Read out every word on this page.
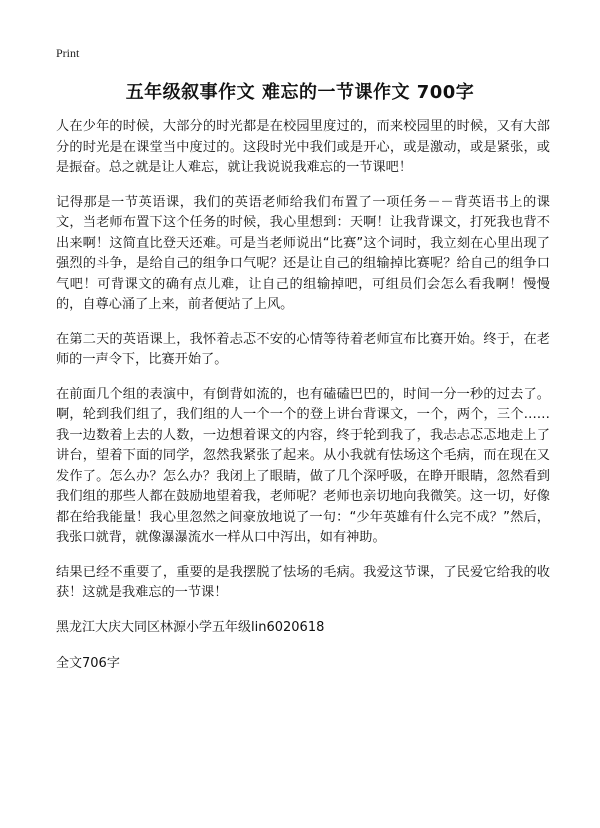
Print
五年级叙事作文 难忘的一节课作文 700字

人在少年的时候，大部分的时光都是在校园里度过的，而来校园里的时候，又有大部分的时光是在课堂当中度过的。这段时光中我们或是开心，或是激动，或是紧张，或是振奋。总之就是让人难忘，就让我说说我难忘的一节课吧！

记得那是一节英语课，我们的英语老师给我们布置了一项任务－－背英语书上的课文，当老师布置下这个任务的时候，我心里想到：天啊！让我背课文，打死我也背不出来啊！这简直比登天还难。可是当老师说出“比赛”这个词时，我立刻在心里出现了强烈的斗争，是给自己的组争口气呢？还是让自己的组输掉比赛呢？给自己的组争口气吧！可背课文的确有点儿难，让自己的组输掉吧，可组员们会怎么看我啊！慢慢的，自尊心涌了上来，前者便站了上风。

在第二天的英语课上，我怀着忐忑不安的心情等待着老师宣布比赛开始。终于，在老师的一声令下，比赛开始了。

在前面几个组的表演中，有倒背如流的，也有磕磕巴巴的，时间一分一秒的过去了。啊，轮到我们组了，我们组的人一个一个的登上讲台背课文，一个，两个，三个……我一边数着上去的人数，一边想着课文的内容，终于轮到我了，我忐忐忑忑地走上了讲台，望着下面的同学，忽然我紧张了起来。从小我就有怯场这个毛病，而在现在又发作了。怎么办？怎么办？我闭上了眼睛，做了几个深呼吸，在睁开眼睛，忽然看到我们组的那些人都在鼓励地望着我，老师呢？老师也亲切地向我微笑。这一切，好像都在给我能量！我心里忽然之间豪放地说了一句：“少年英雄有什么完不成？”然后，我张口就背，就像瀑瀑流水一样从口中泻出，如有神助。

结果已经不重要了，重要的是我摆脱了怯场的毛病。我爱这节课，了民爱它给我的收获！这就是我难忘的一节课！

黑龙江大庆大同区林源小学五年级lin6020618

全文706字
